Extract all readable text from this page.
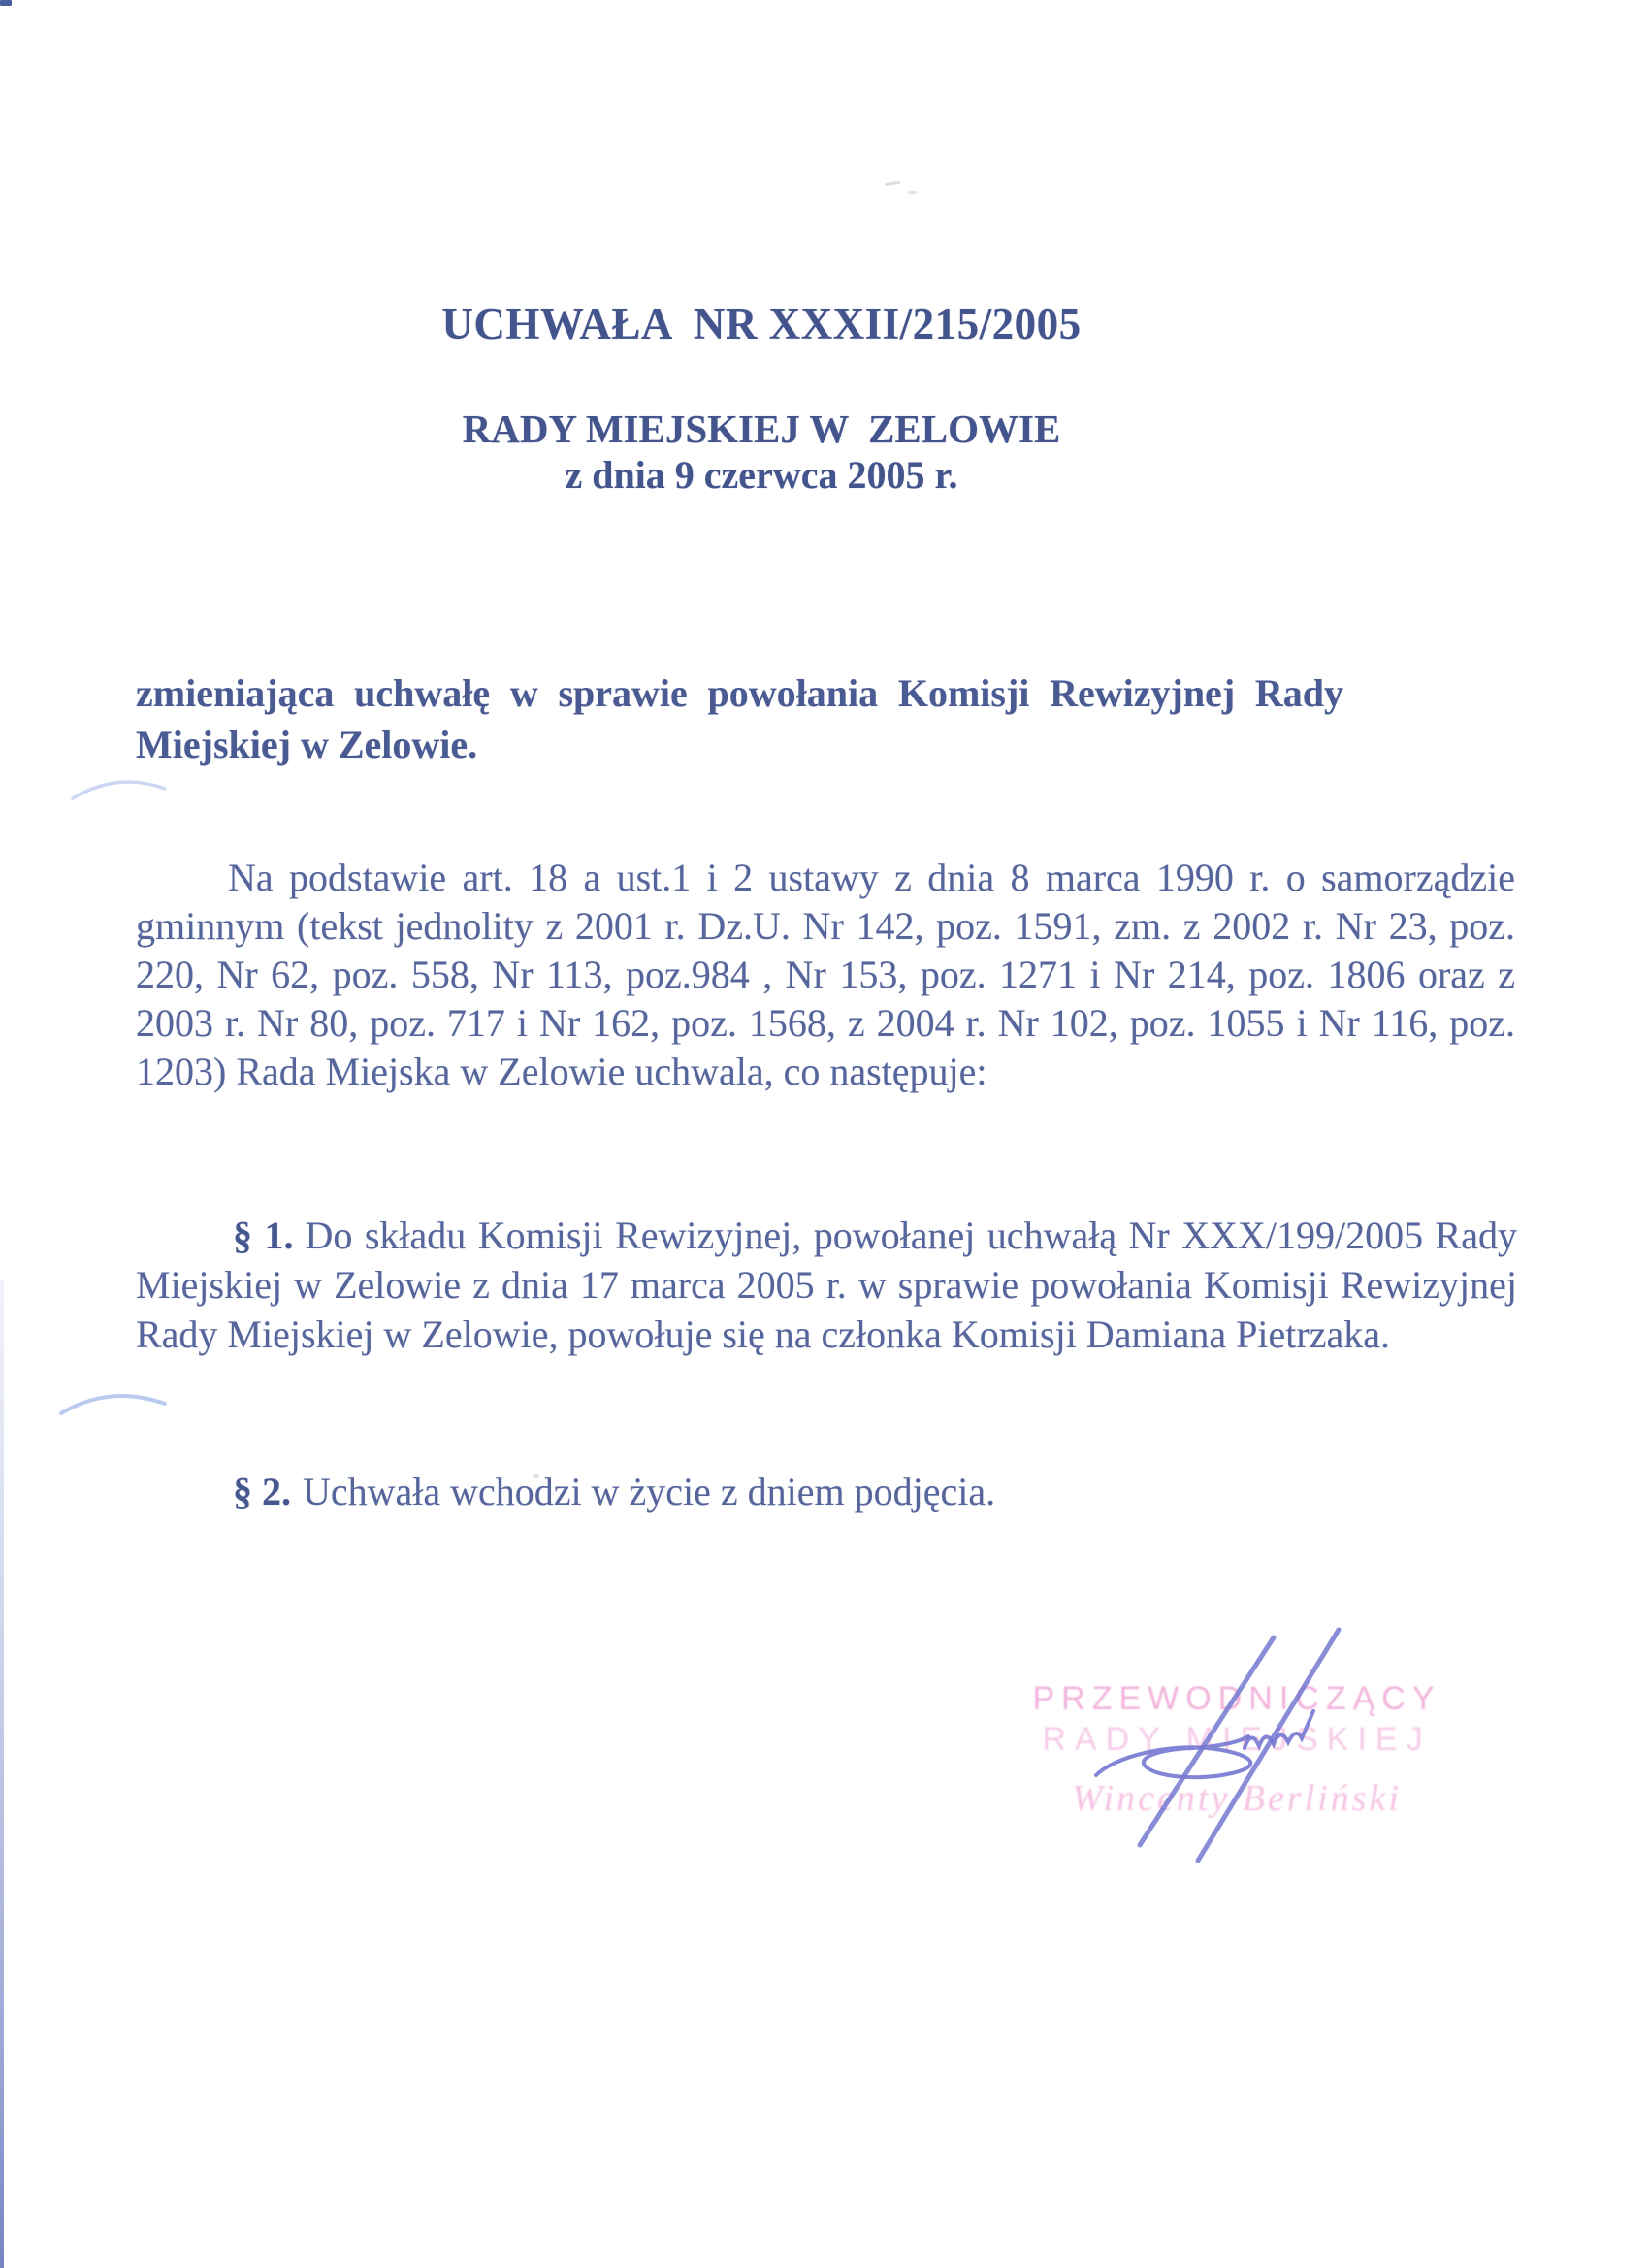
UCHWAŁA  NR XXXII/215/2005
RADY MIEJSKIEJ W  ZELOWIE
z dnia 9 czerwca 2005 r.

zmieniająca uchwałę w sprawie powołania Komisji Rewizyjnej Rady Miejskiej w Zelowie.

Na podstawie art. 18 a ust.1 i 2 ustawy z dnia 8 marca 1990 r. o samorządzie gminnym (tekst jednolity z 2001 r. Dz.U. Nr 142, poz. 1591, zm. z 2002 r. Nr 23, poz. 220, Nr 62, poz. 558, Nr 113, poz.984 , Nr 153, poz. 1271 i Nr 214, poz. 1806 oraz z 2003 r. Nr 80, poz. 717 i Nr 162, poz. 1568, z 2004 r. Nr 102, poz. 1055 i Nr 116, poz. 1203) Rada Miejska w Zelowie uchwala, co następuje:

§ 1. Do składu Komisji Rewizyjnej, powołanej uchwałą Nr XXX/199/2005 Rady Miejskiej w Zelowie z dnia 17 marca 2005 r. w sprawie powołania Komisji Rewizyjnej Rady Miejskiej w Zelowie, powołuje się na członka Komisji Damiana Pietrzaka.

§ 2. Uchwała wchodzi w życie z dniem podjęcia.

PRZEWODNICZĄCY
RADY MIEJSKIEJ
Wincenty Berliński
